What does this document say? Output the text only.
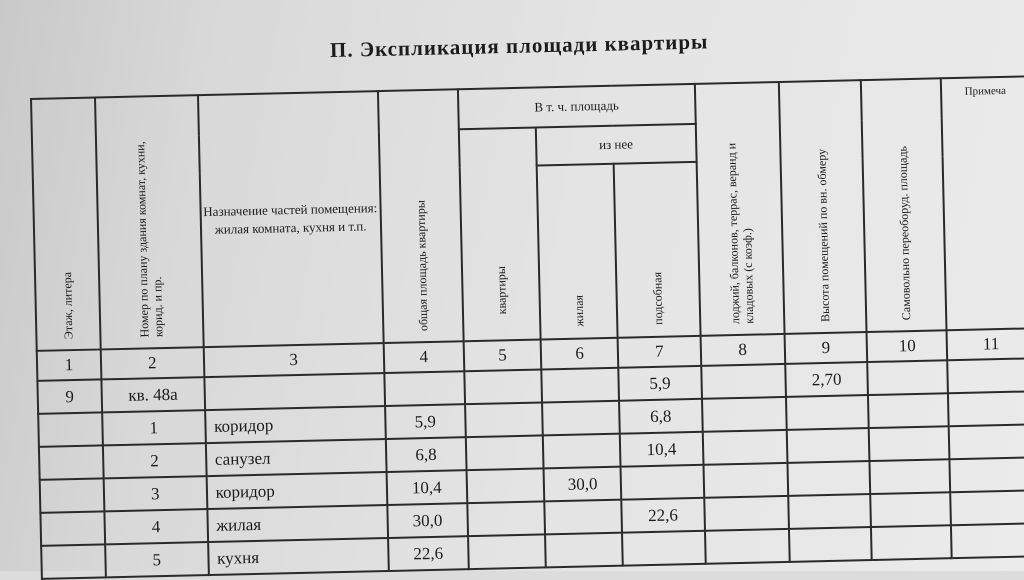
П. Экспликация площади квартиры
Этаж, литера	Номер по плану здания комнат, кухни, корид. и пр.	Назначение частей помещения: жилая комната, кухня и т.п.	общая площадь квартиры	В т. ч. площадь			лоджий, балконов, террас, веранд и кладовых (с коэф.)	Высота помещений по вн. обмеру	Самовольно переоборуд. площадь	Примеча

				квартиры	из нее					

					жилая	подсобная				

1	2	3	4	5	6	7	8	9	10	11
9	кв. 48а					5,9		2,70		
	1	коридор	5,9			6,8				
	2	санузел	6,8			10,4				
	3	коридор	10,4		30,0					
	4	жилая	30,0			22,6				
	5	кухня	22,6							
